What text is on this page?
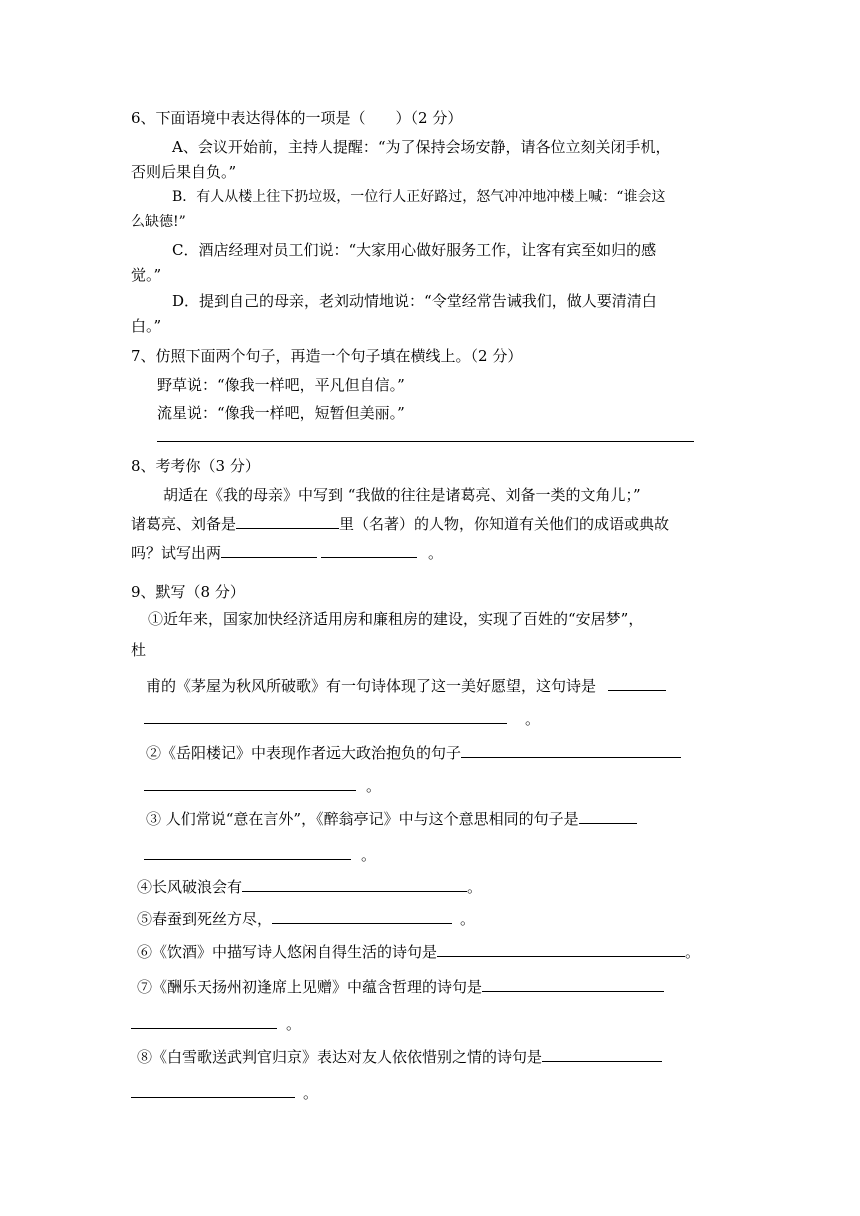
6、下面语境中表达得体的一项是（　　）（2 分）
A、会议开始前，主持人提醒：“为了保持会场安静，请各位立刻关闭手机，
否则后果自负。”
B．有人从楼上往下扔垃圾，一位行人正好路过，怒气冲冲地冲楼上喊：“谁会这
么缺德!”
C．酒店经理对员工们说：“大家用心做好服务工作，让客有宾至如归的感
觉。”
D．提到自己的母亲，老刘动情地说：“令堂经常告诫我们，做人要清清白
白。”
7、仿照下面两个句子，再造一个句子填在横线上。（2 分）
野草说：“像我一样吧，平凡但自信。”
流星说：“像我一样吧，短暂但美丽。”
8、考考你（3 分）
胡适在《我的母亲》中写到 “我做的往往是诸葛亮、刘备一类的文角儿；”
诸葛亮、刘备是	里（名著）的人物，你知道有关他们的成语或典故
吗？试写出两	。
9、默写（8 分）
①近年来，国家加快经济适用房和廉租房的建设，实现了百姓的“安居梦”，
杜
甫的《茅屋为秋风所破歌》有一句诗体现了这一美好愿望，这句诗是
。
②《岳阳楼记》中表现作者远大政治抱负的句子
。
③ 人们常说“意在言外”，《醉翁亭记》中与这个意思相同的句子是
。
④长风破浪会有	。
⑤春蚕到死丝方尽，	。
⑥《饮酒》中描写诗人悠闲自得生活的诗句是	。
⑦《酬乐天扬州初逢席上见赠》中蕴含哲理的诗句是
。
⑧《白雪歌送武判官归京》表达对友人依依惜别之情的诗句是
。
